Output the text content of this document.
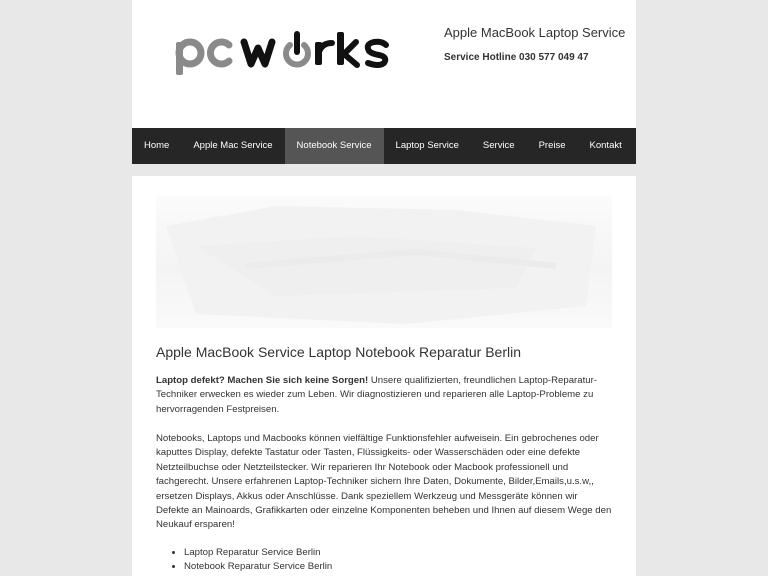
Apple MacBook Laptop Service
Service Hotline 030 577 049 47
Home	Apple Mac Service	Notebook Service	Laptop Service	Service	Preise	Kontakt
Apple MacBook Service Laptop Notebook Reparatur Berlin

Laptop defekt? Machen Sie sich keine Sorgen! Unsere qualifizierten, freundlichen Laptop-Reparatur-Techniker erwecken es wieder zum Leben. Wir diagnostizieren und reparieren alle Laptop-Probleme zu hervorragenden Festpreisen.

Notebooks, Laptops und Macbooks können vielfältige Funktionsfehler aufweisein. Ein gebrochenes oder kaputtes Display, defekte Tastatur oder Tasten, Flüssigkeits- oder Wasserschäden oder eine defekte Netzteilbuchse oder Netzteilstecker. Wir reparieren Ihr Notebook oder Macbook professionell und fachgerecht. Unsere erfahrenen Laptop-Techniker sichern Ihre Daten, Dokumente, Bilder,Emails,u.s.w,, ersetzen Displays, Akkus oder Anschlüsse. Dank speziellem Werkzeug und Messgeräte können wir Defekte an Mainoards, Grafikkarten oder einzelne Komponenten beheben und Ihnen auf diesem Wege den Neukauf ersparen!

• Laptop Reparatur Service Berlin
• Notebook Reparatur Service Berlin
